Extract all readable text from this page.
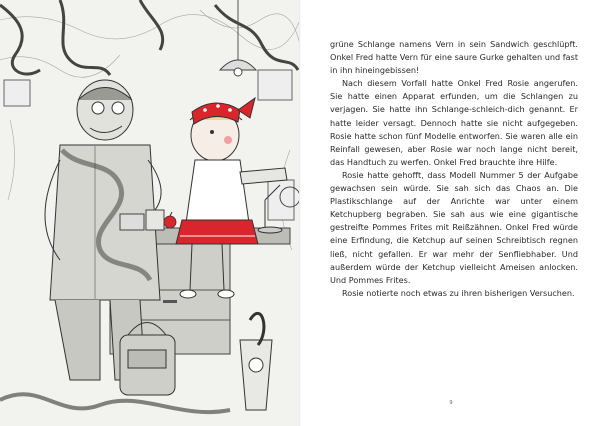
grüne Schlange namens Vern in sein Sandwich geschlüpft. Onkel Fred hatte Vern für eine saure Gurke gehalten und fast in ihn hineingebissen!

Nach diesem Vorfall hatte Onkel Fred Rosie angerufen. Sie hatte einen Apparat erfunden, um die Schlangen zu verjagen. Sie hatte ihn Schlange-schleich-dich genannt. Er hatte leider versagt. Dennoch hatte sie nicht aufgegeben. Rosie hatte schon fünf Modelle entworfen. Sie waren alle ein Reinfall gewesen, aber Rosie war noch lange nicht bereit, das Handtuch zu werfen. Onkel Fred brauchte ihre Hilfe.

Rosie hatte gehofft, dass Modell Nummer 5 der Aufgabe gewachsen sein würde. Sie sah sich das Chaos an. Die Plastikschlange auf der Anrichte war unter einem Ketchupberg begraben. Sie sah aus wie eine gigantische gestreifte Pommes Frites mit Reißzähnen. Onkel Fred würde eine Erfindung, die Ketchup auf seinen Schreibtisch regnen ließ, nicht gefallen. Er war mehr der Senfliebhaber. Und außerdem würde der Ketchup vielleicht Ameisen anlocken. Und Pommes Frites.

Rosie notierte noch etwas zu ihren bisherigen Versuchen.

9
